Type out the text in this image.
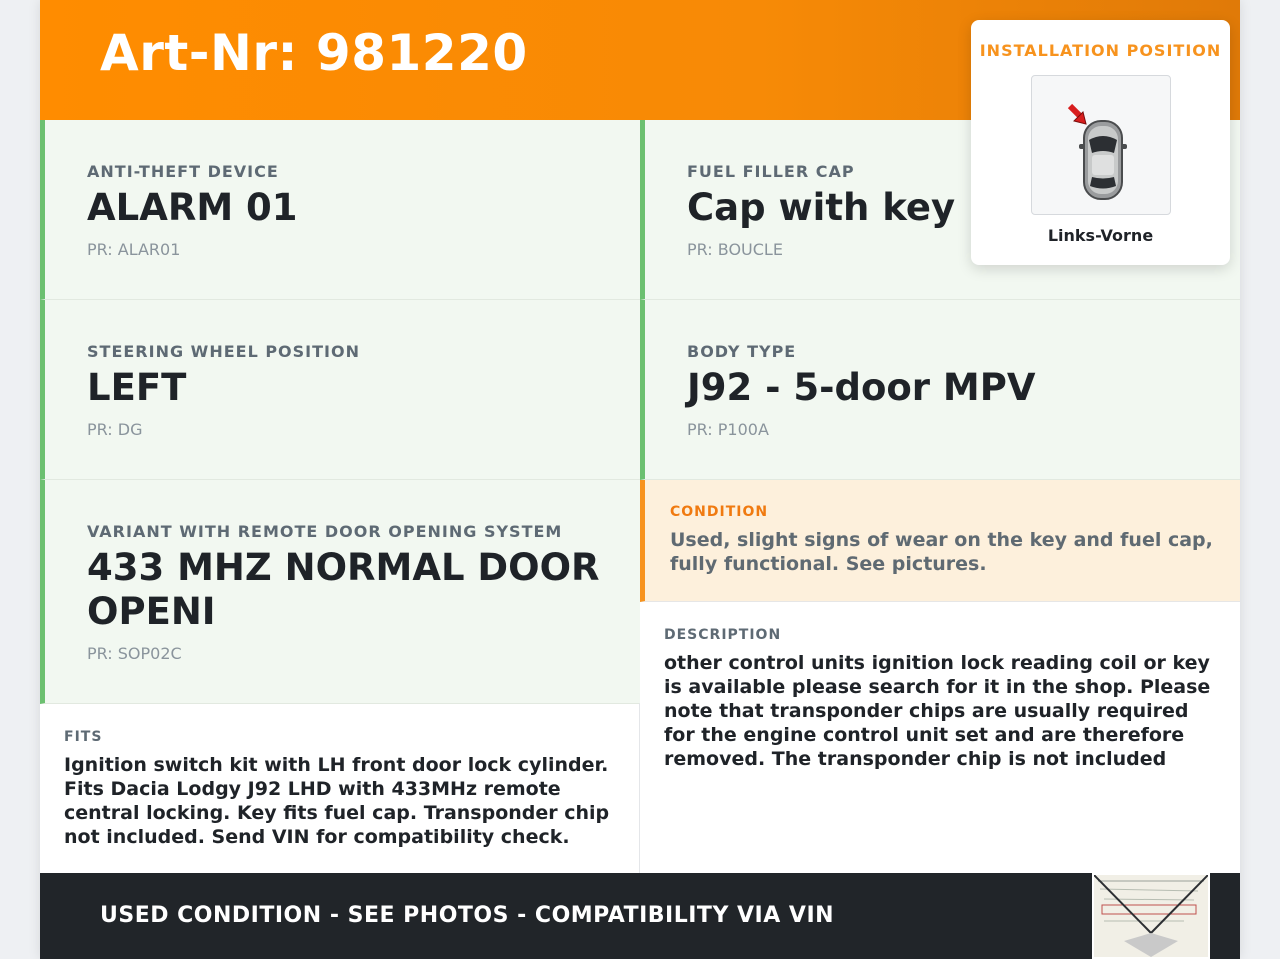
Art-Nr: 981220
ANTI-THEFT DEVICE
ALARM 01
PR: ALAR01
FUEL FILLER CAP
Cap with key
PR: BOUCLE
STEERING WHEEL POSITION
LEFT
PR: DG
BODY TYPE
J92 - 5-door MPV
PR: P100A
VARIANT WITH REMOTE DOOR OPENING SYSTEM
433 MHZ NORMAL DOOR OPENI
PR: SOP02C
CONDITION
Used, slight signs of wear on the key and fuel cap, fully functional. See pictures.
DESCRIPTION
other control units ignition lock reading coil or key is available please search for it in the shop. Please note that transponder chips are usually required for the engine control unit set and are therefore removed. The transponder chip is not included
FITS
Ignition switch kit with LH front door lock cylinder. Fits Dacia Lodgy J92 LHD with 433MHz remote central locking. Key fits fuel cap. Transponder chip not included. Send VIN for compatibility check.
INSTALLATION POSITION
Links-Vorne
USED CONDITION - SEE PHOTOS - COMPATIBILITY VIA VIN
